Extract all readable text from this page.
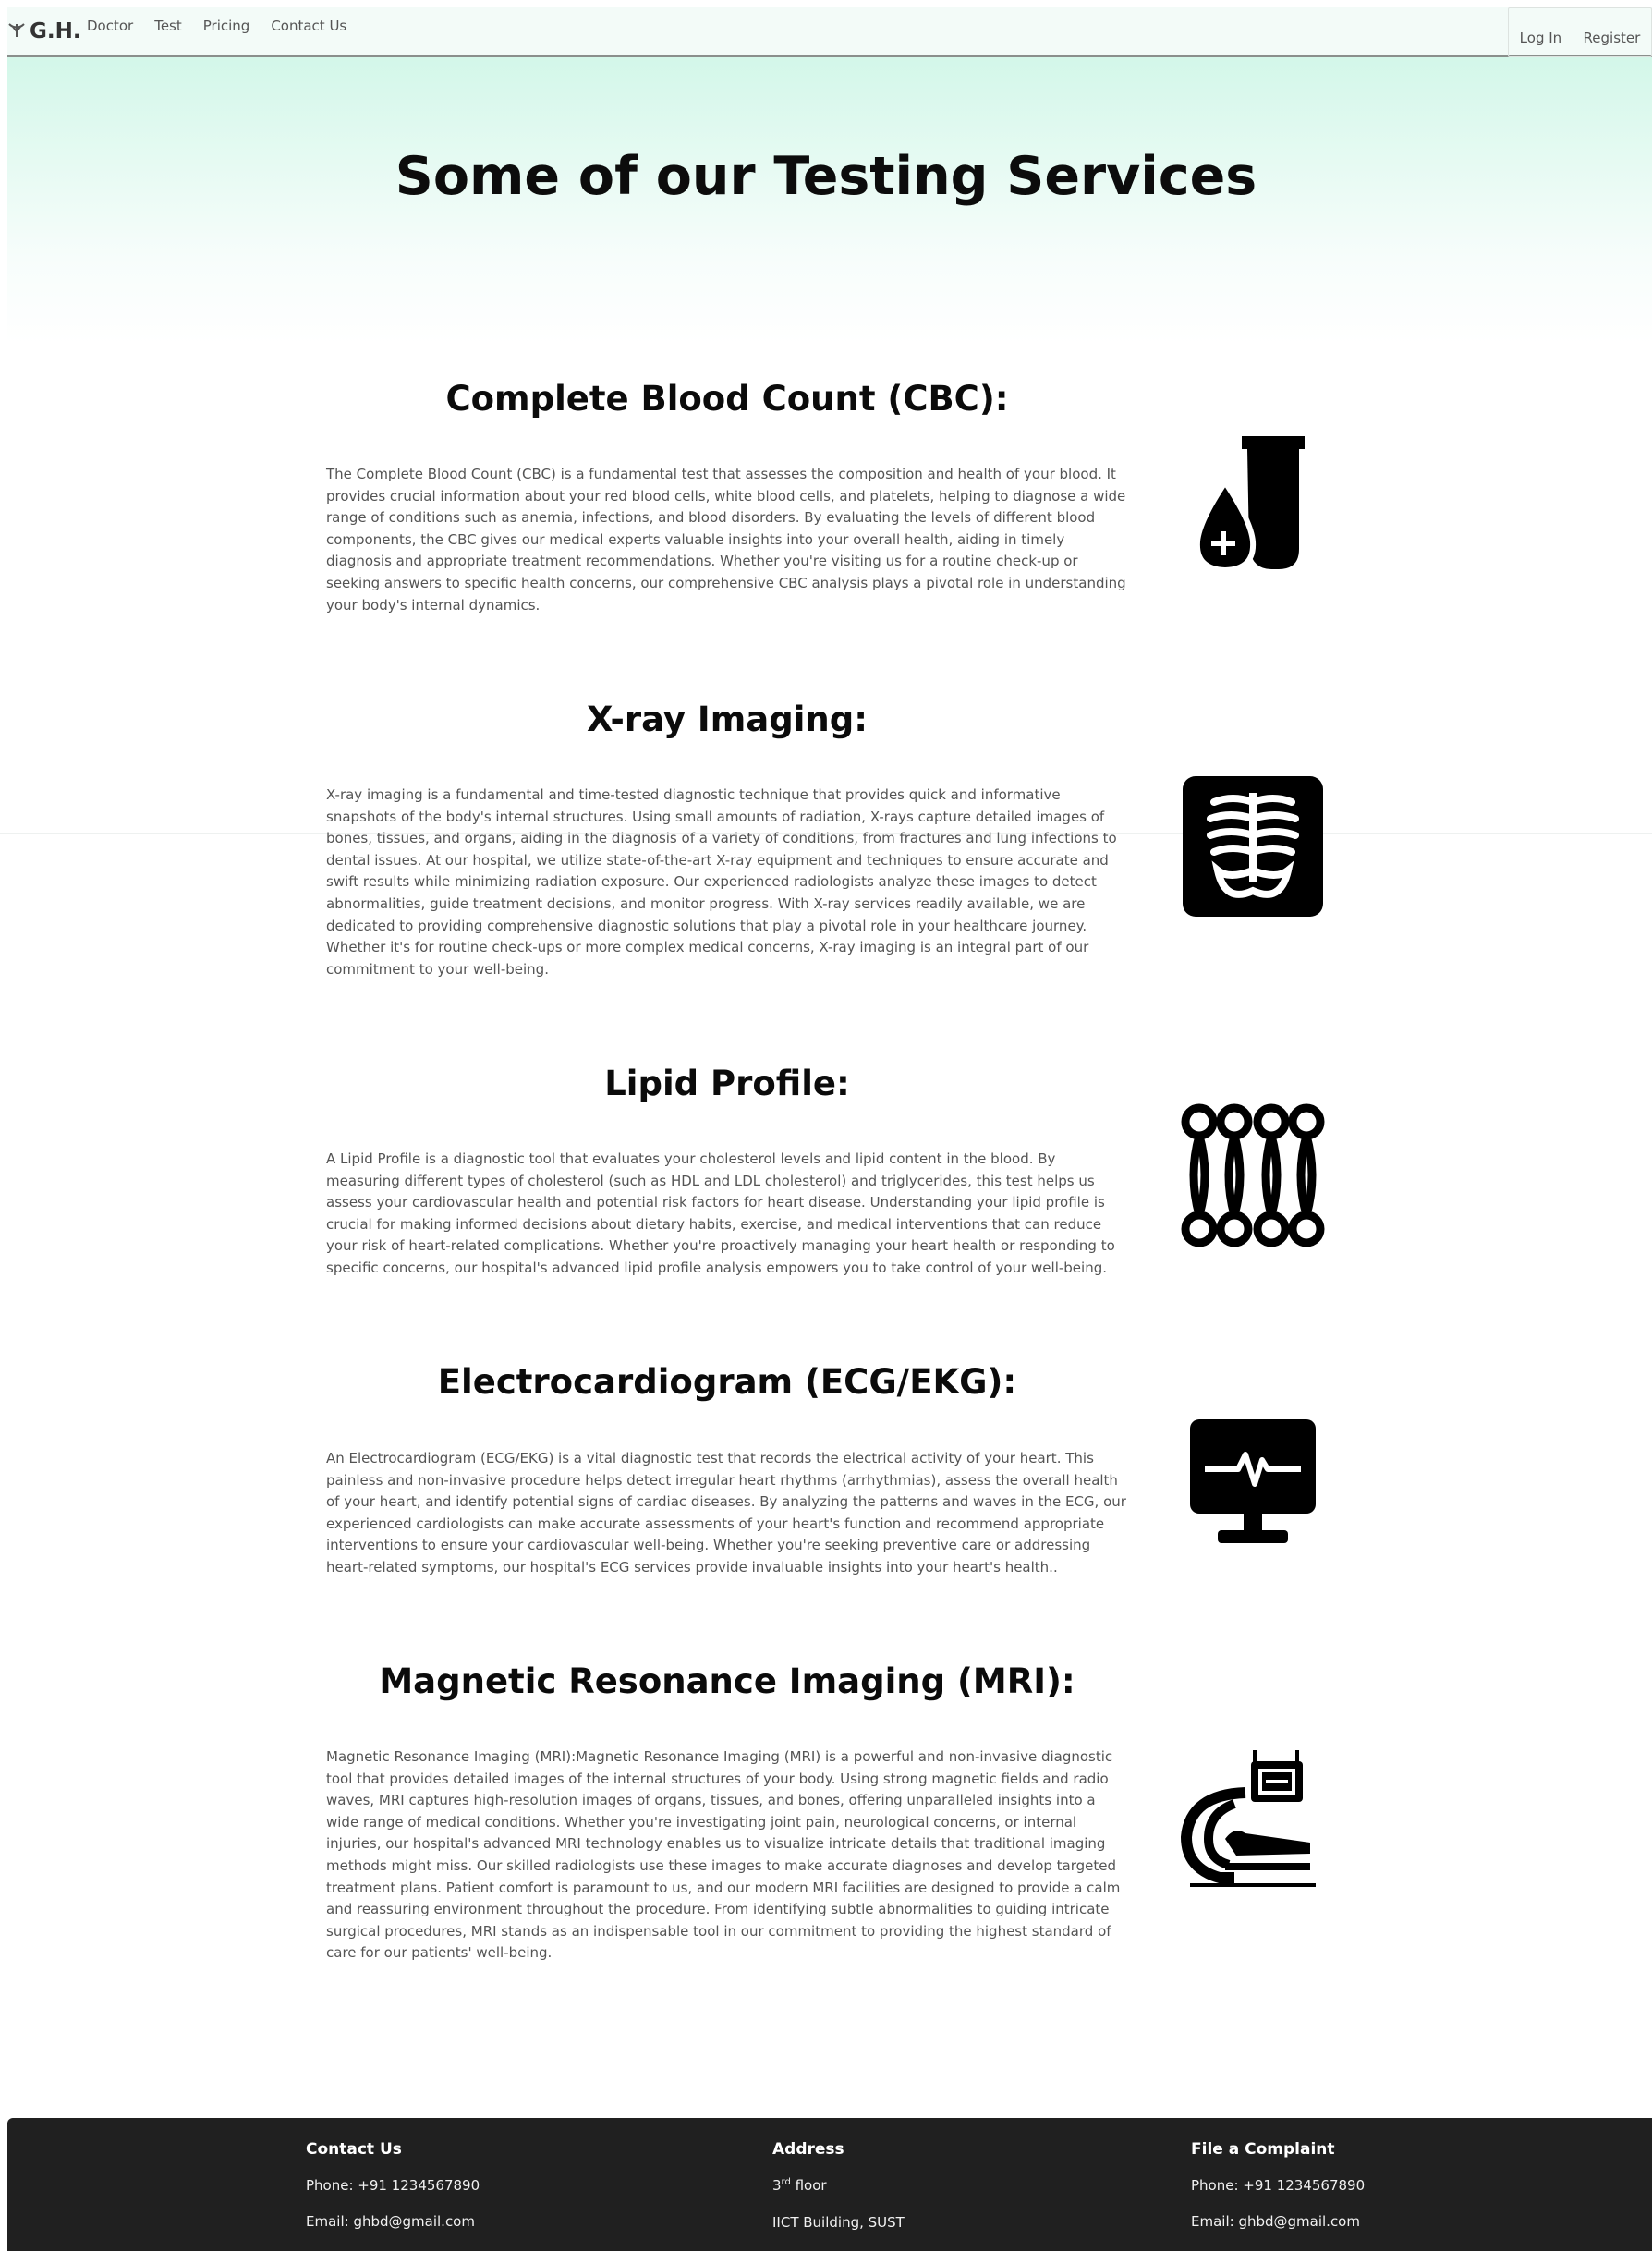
G.H. Doctor Test Pricing Contact Us
Log In Register
Some of our Testing Services
Complete Blood Count (CBC):

The Complete Blood Count (CBC) is a fundamental test that assesses the composition and health of your blood. It provides crucial information about your red blood cells, white blood cells, and platelets, helping to diagnose a wide range of conditions such as anemia, infections, and blood disorders. By evaluating the levels of different blood components, the CBC gives our medical experts valuable insights into your overall health, aiding in timely diagnosis and appropriate treatment recommendations. Whether you're visiting us for a routine check-up or seeking answers to specific health concerns, our comprehensive CBC analysis plays a pivotal role in understanding your body's internal dynamics.

X-ray Imaging:

X-ray imaging is a fundamental and time-tested diagnostic technique that provides quick and informative snapshots of the body's internal structures. Using small amounts of radiation, X-rays capture detailed images of bones, tissues, and organs, aiding in the diagnosis of a variety of conditions, from fractures and lung infections to dental issues. At our hospital, we utilize state-of-the-art X-ray equipment and techniques to ensure accurate and swift results while minimizing radiation exposure. Our experienced radiologists analyze these images to detect abnormalities, guide treatment decisions, and monitor progress. With X-ray services readily available, we are dedicated to providing comprehensive diagnostic solutions that play a pivotal role in your healthcare journey. Whether it's for routine check-ups or more complex medical concerns, X-ray imaging is an integral part of our commitment to your well-being.

Lipid Profile:

A Lipid Profile is a diagnostic tool that evaluates your cholesterol levels and lipid content in the blood. By measuring different types of cholesterol (such as HDL and LDL cholesterol) and triglycerides, this test helps us assess your cardiovascular health and potential risk factors for heart disease. Understanding your lipid profile is crucial for making informed decisions about dietary habits, exercise, and medical interventions that can reduce your risk of heart-related complications. Whether you're proactively managing your heart health or responding to specific concerns, our hospital's advanced lipid profile analysis empowers you to take control of your well-being.

Electrocardiogram (ECG/EKG):

An Electrocardiogram (ECG/EKG) is a vital diagnostic test that records the electrical activity of your heart. This painless and non-invasive procedure helps detect irregular heart rhythms (arrhythmias), assess the overall health of your heart, and identify potential signs of cardiac diseases. By analyzing the patterns and waves in the ECG, our experienced cardiologists can make accurate assessments of your heart's function and recommend appropriate interventions to ensure your cardiovascular well-being. Whether you're seeking preventive care or addressing heart-related symptoms, our hospital's ECG services provide invaluable insights into your heart's health..

Magnetic Resonance Imaging (MRI):

Magnetic Resonance Imaging (MRI):Magnetic Resonance Imaging (MRI) is a powerful and non-invasive diagnostic tool that provides detailed images of the internal structures of your body. Using strong magnetic fields and radio waves, MRI captures high-resolution images of organs, tissues, and bones, offering unparalleled insights into a wide range of medical conditions. Whether you're investigating joint pain, neurological concerns, or internal injuries, our hospital's advanced MRI technology enables us to visualize intricate details that traditional imaging methods might miss. Our skilled radiologists use these images to make accurate diagnoses and develop targeted treatment plans. Patient comfort is paramount to us, and our modern MRI facilities are designed to provide a calm and reassuring environment throughout the procedure. From identifying subtle abnormalities to guiding intricate surgical procedures, MRI stands as an indispensable tool in our commitment to providing the highest standard of care for our patients' well-being.

Contact Us
Phone: +91 1234567890
Email: ghbd@gmail.com
Address
3rd floor
IICT Building, SUST
File a Complaint
Phone: +91 1234567890
Email: ghbd@gmail.com
